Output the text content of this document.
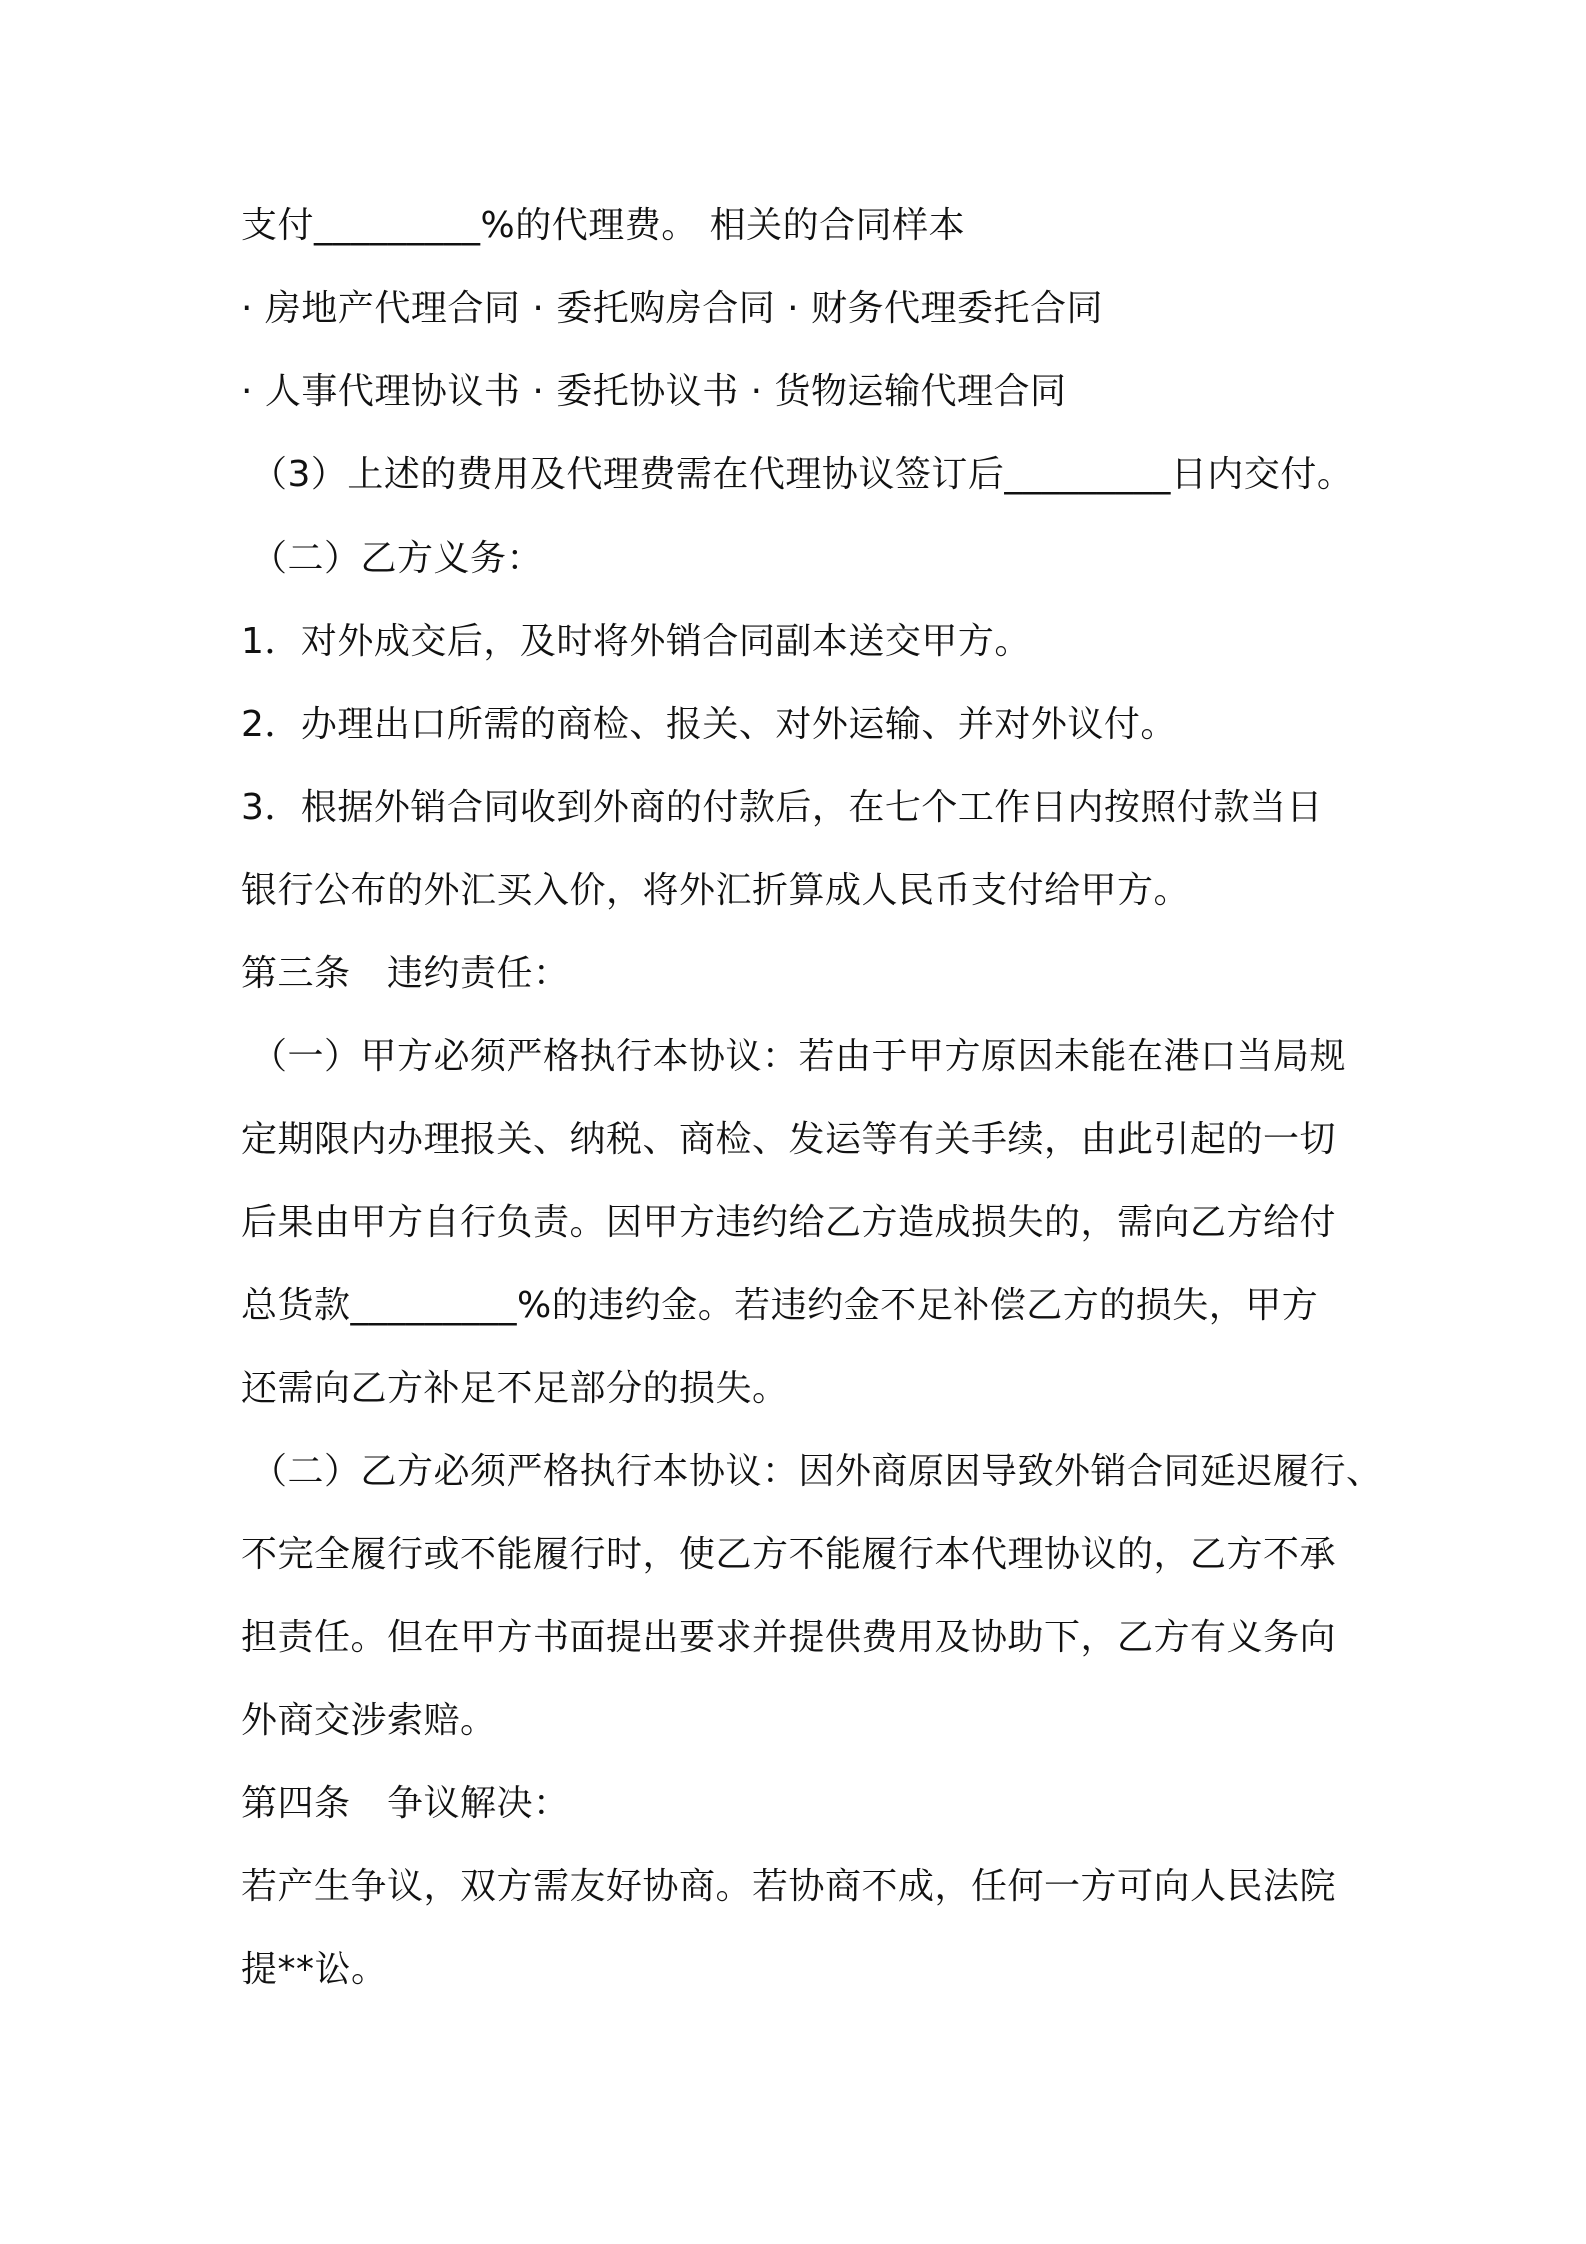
支付_________%的代理费。 相关的合同样本

· 房地产代理合同 · 委托购房合同 · 财务代理委托合同

· 人事代理协议书 · 委托协议书 · 货物运输代理合同

（3）上述的费用及代理费需在代理协议签订后_________日内交付。

（二）乙方义务：

1．对外成交后，及时将外销合同副本送交甲方。

2．办理出口所需的商检、报关、对外运输、并对外议付。

3．根据外销合同收到外商的付款后，在七个工作日内按照付款当日

银行公布的外汇买入价，将外汇折算成人民币支付给甲方。

第三条　违约责任：

（一）甲方必须严格执行本协议：若由于甲方原因未能在港口当局规

定期限内办理报关、纳税、商检、发运等有关手续，由此引起的一切

后果由甲方自行负责。因甲方违约给乙方造成损失的，需向乙方给付

总货款_________%的违约金。若违约金不足补偿乙方的损失，甲方

还需向乙方补足不足部分的损失。

（二）乙方必须严格执行本协议：因外商原因导致外销合同延迟履行、

不完全履行或不能履行时，使乙方不能履行本代理协议的，乙方不承

担责任。但在甲方书面提出要求并提供费用及协助下，乙方有义务向

外商交涉索赔。

第四条　争议解决：

若产生争议，双方需友好协商。若协商不成，任何一方可向人民法院

提**讼。
